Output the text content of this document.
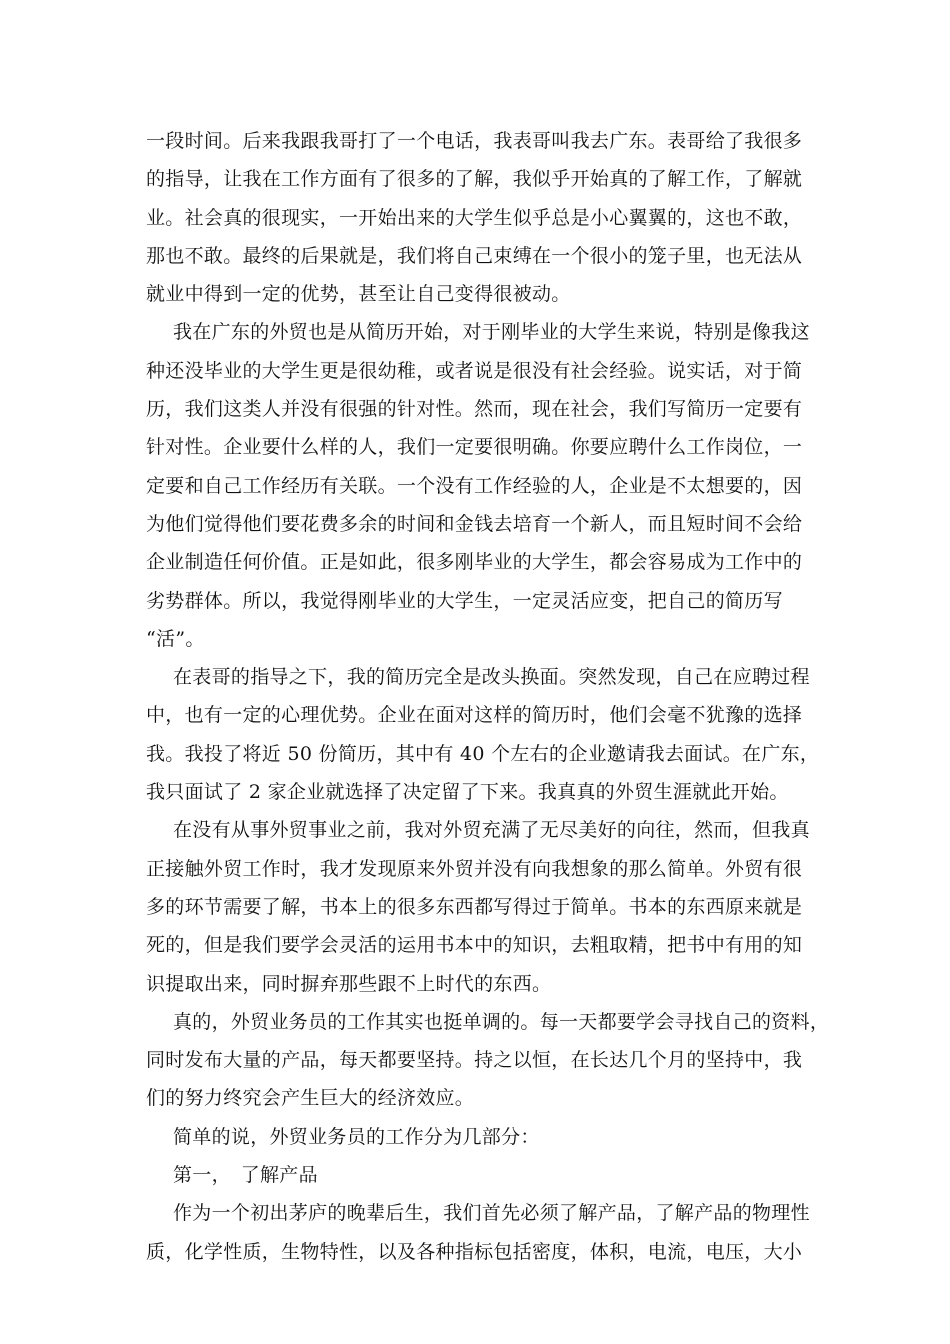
一段时间。后来我跟我哥打了一个电话，我表哥叫我去广东。表哥给了我很多
的指导，让我在工作方面有了很多的了解，我似乎开始真的了解工作，了解就
业。社会真的很现实，一开始出来的大学生似乎总是小心翼翼的，这也不敢，
那也不敢。最终的后果就是，我们将自己束缚在一个很小的笼子里，也无法从
就业中得到一定的优势，甚至让自己变得很被动。
我在广东的外贸也是从简历开始，对于刚毕业的大学生来说，特别是像我这
种还没毕业的大学生更是很幼稚，或者说是很没有社会经验。说实话，对于简
历，我们这类人并没有很强的针对性。然而，现在社会，我们写简历一定要有
针对性。企业要什么样的人，我们一定要很明确。你要应聘什么工作岗位，一
定要和自己工作经历有关联。一个没有工作经验的人，企业是不太想要的，因
为他们觉得他们要花费多余的时间和金钱去培育一个新人，而且短时间不会给
企业制造任何价值。正是如此，很多刚毕业的大学生，都会容易成为工作中的
劣势群体。所以，我觉得刚毕业的大学生，一定灵活应变，把自己的简历写
“活”。
在表哥的指导之下，我的简历完全是改头换面。突然发现，自己在应聘过程
中，也有一定的心理优势。企业在面对这样的简历时，他们会毫不犹豫的选择
我。我投了将近 50 份简历，其中有 40 个左右的企业邀请我去面试。在广东，
我只面试了 2 家企业就选择了决定留了下来。我真真的外贸生涯就此开始。
在没有从事外贸事业之前，我对外贸充满了无尽美好的向往，然而，但我真
正接触外贸工作时，我才发现原来外贸并没有向我想象的那么简单。外贸有很
多的环节需要了解，书本上的很多东西都写得过于简单。书本的东西原来就是
死的，但是我们要学会灵活的运用书本中的知识，去粗取精，把书中有用的知
识提取出来，同时摒弃那些跟不上时代的东西。
真的，外贸业务员的工作其实也挺单调的。每一天都要学会寻找自己的资料，
同时发布大量的产品，每天都要坚持。持之以恒，在长达几个月的坚持中，我
们的努力终究会产生巨大的经济效应。
简单的说，外贸业务员的工作分为几部分：
第一，　了解产品
作为一个初出茅庐的晚辈后生，我们首先必须了解产品，了解产品的物理性
质，化学性质，生物特性，以及各种指标包括密度，体积，电流，电压，大小
